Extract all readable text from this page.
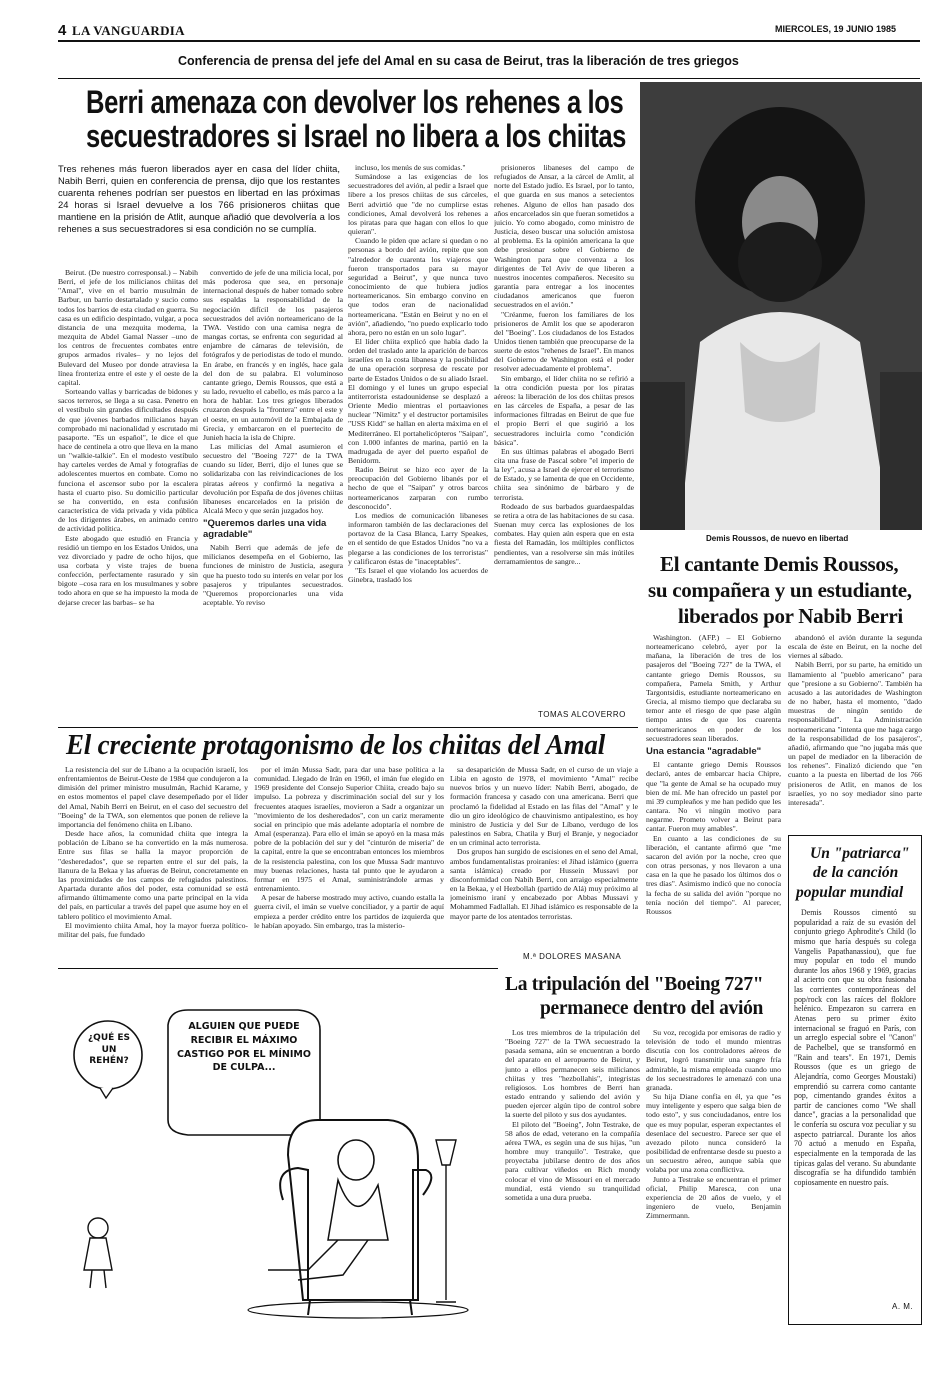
4 LA VANGUARDIA	MIERCOLES, 19 JUNIO 1985
Conferencia de prensa del jefe del Amal en su casa de Beirut, tras la liberación de tres griegos
Berri amenaza con devolver los rehenes a los
secuestradores si Israel no libera a los chiitas
Tres rehenes más fueron liberados ayer en casa del líder chiita, Nabih Berri, quien en conferencia de prensa, dijo que los restantes cuarenta rehenes podrían ser puestos en libertad en las próximas 24 horas si Israel devuelve a los 766 prisioneros chiitas que mantiene en la prisión de Atlit, aunque añadió que devolvería a los rehenes a sus secuestradores si esa condición no se cumplía.

Beirut. (De nuestro corresponsal.) – Nabih Berri, el jefe de los milicianos chiitas del "Amal", vive en el barrio musulmán de Barbur, un barrio destartalado y sucio como todos los barrios de esta ciudad en guerra. Su casa es un edificio despintado, vulgar, a poca distancia de una mezquita moderna, la mezquita de Abdel Gamal Nasser –uno de los centros de frecuentes combates entre grupos armados rivales– y no lejos del Bulevard del Museo por donde atraviesa la línea fronteriza entre el este y el oeste de la capital.

Sorteando vallas y barricadas de bidones y sacos terreros, se llega a su casa. Penetro en el vestíbulo sin grandes dificultades después de que jóvenes barbados milicianos hayan comprobado mi nacionalidad y escrutado mi pasaporte. "Es un español", le dice el que hace de centinela a otro que lleva en la mano un "walkie-talkie". En el modesto vestíbulo hay carteles verdes de Amal y fotografías de adolescentes muertos en combate. Como no funciona el ascensor subo por la escalera hasta el cuarto piso. Su domicilio particular se ha convertido, en esta confusión característica de vida privada y vida pública de los dirigentes árabes, en animado centro de actividad política.

Este abogado que estudió en Francia y residió un tiempo en los Estados Unidos, una vez divorciado y padre de ocho hijos, que usa corbata y viste trajes de buena confección, perfectamente rasurado y sin bigote –cosa rara en los musulmanes y sobre todo ahora en que se ha impuesto la moda de dejarse crecer las barbas– se ha

convertido de jefe de una milicia local, por más poderosa que sea, en personaje internacional después de haber tomado sobre sus espaldas la responsabilidad de la negociación difícil de los pasajeros secuestrados del avión norteamericano de la TWA. Vestido con una camisa negra de mangas cortas, se enfrenta con seguridad al enjambre de cámaras de televisión, de fotógrafos y de periodistas de todo el mundo. En árabe, en francés y en inglés, hace gala del don de su palabra. El voluminoso cantante griego, Demis Roussos, que está a su lado, revuelto el cabello, es más parco a la hora de hablar. Los tres griegos liberados cruzaron después la "frontera" entre el este y el oeste, en un automóvil de la Embajada de Grecia, y embarcaron en el puertecito de Junieh hacia la isla de Chipre.

Las milicias del Amal asumieron el secuestro del "Boeing 727" de la TWA cuando su líder, Berri, dijo el lunes que se solidarizaba con las reivindicaciones de los piratas aéreos y confirmó la negativa a devolución por España de dos jóvenes chiitas libaneses encarcelados en la prisión de Alcalá Meco y que serán juzgados hoy.

"Queremos darles una vida agradable"

Nabih Berri que además de jefe de milicianos desempeña en el Gobierno, las funciones de ministro de Justicia, asegura que ha puesto todo su interés en velar por los pasajeros y tripulantes secuestrados. "Queremos proporcionarles una vida aceptable. Yo reviso

incluso, los menús de sus comidas."

Sumándose a las exigencias de los secuestradores del avión, al pedir a Israel que libere a los presos chiitas de sus cárceles, Berri advirtió que "de no cumplirse estas condiciones, Amal devolverá los rehenes a los piratas para que hagan con ellos lo que quieran".

Cuando le piden que aclare si quedan o no personas a bordo del avión, repite que son "alrededor de cuarenta los viajeros que fueron transportados para su mayor seguridad a Beirut", y que nunca tuvo conocimiento de que hubiera judíos norteamericanos. Sin embargo convino en que todos eran de nacionalidad norteamericana. "Están en Beirut y no en el avión", añadiendo, "no puedo explicarlo todo ahora, pero no están en un solo lugar".

El líder chiita explicó que había dado la orden del traslado ante la aparición de barcos israelíes en la costa libanesa y la posibilidad de una operación sorpresa de rescate por parte de Estados Unidos o de su aliado Israel. El domingo y el lunes un grupo especial antiterrorista estadounidense se desplazó a Oriente Medio mientras el portaaviones nuclear "Nimitz" y el destructor portamisiles "USS Kidd" se hallan en alerta máxima en el Mediterráneo. El portahelicópteros "Saipan", con 1.000 infantes de marina, partió en la madrugada de ayer del puerto español de Benidorm.

Radio Beirut se hizo eco ayer de la preocupación del Gobierno libanés por el hecho de que el "Saipan" y otros barcos norteamericanos zarparan con rumbo desconocido".

Los medios de comunicación libaneses informaron también de las declaraciones del portavoz de la Casa Blanca, Larry Speakes, en el sentido de que Estados Unidos "no va a plegarse a las condiciones de los terroristas" y calificaron éstas de "inaceptables".

"Es Israel el que violando los acuerdos de Ginebra, trasladó los

prisioneros libaneses del campo de refugiados de Ansar, a la cárcel de Amlit, al norte del Estado judío. Es Israel, por lo tanto, el que guarda en sus manos a setecientos rehenes. Alguno de ellos han pasado dos años encarcelados sin que fueran sometidos a juicio. Yo como abogado, como ministro de Justicia, deseo buscar una solución amistosa al problema. Es la opinión americana la que debe presionar sobre el Gobierno de Washington para que convenza a los dirigentes de Tel Aviv de que liberen a nuestros inocentes compañeros. Necesito su garantía para entregar a los inocentes ciudadanos americanos que fueron secuestrados en el avión."

"Créanme, fueron los familiares de los prisioneros de Amlit los que se apoderaron del "Boeing". Los ciudadanos de los Estados Unidos tienen también que preocuparse de la suerte de estos "rehenes de Israel". En manos del Gobierno de Washington está el poder resolver adecuadamente el problema".

Sin embargo, el líder chiita no se refirió a la otra condición puesta por los piratas aéreos: la liberación de los dos chiitas presos en las cárceles de España, a pesar de las informaciones filtradas en Beirut de que fue el propio Berri el que sugirió a los secuestradores incluirla como "condición básica".

En sus últimas palabras el abogado Berri cita una frase de Pascal sobre "el imperio de la ley", acusa a Israel de ejercer el terrorismo de Estado, y se lamenta de que en Occidente, chiita sea sinónimo de bárbaro y de terrorista.

Rodeado de sus barbados guardaespaldas se retira a otra de las habitaciones de su casa. Suenan muy cerca las explosiones de los combates. Hay quien aún espera que en esta fiesta del Ramadán, los múltiples conflictos pendientes, van a resolverse sin más inútiles derramamientos de sangre...

TOMAS ALCOVERRO
Demis Roussos, de nuevo en libertad
El cantante Demis Roussos,
su compañera y un estudiante,
liberados por Nabib Berri

Washington. (AFP.) – El Gobierno norteamericano celebró, ayer por la mañana, la liberación de tres de los pasajeros del "Boeing 727" de la TWA, el cantante griego Demis Roussos, su compañera, Pamela Smith, y Arthur Targontsidis, estudiante norteamericano en Grecia, al mismo tiempo que declaraba su temor ante el riesgo de que pase algún tiempo antes de que los cuarenta norteamericanos en poder de los secuestradores sean liberados.

Una estancia "agradable"

El cantante griego Demis Roussos declaró, antes de embarcar hacia Chipre, que "la gente de Amal se ha ocupado muy bien de mí. Me han ofrecido un pastel por mi 39 cumpleaños y me han pedido que les cantara. No vi ningún motivo para negarme. Prometo volver a Beirut para cantar. Fueron muy amables".

En cuanto a las condiciones de su liberación, el cantante afirmó que "me sacaron del avión por la noche, creo que con otras personas, y nos llevaron a una casa en la que he pasado los últimos dos o tres días". Asimismo indicó que no conocía la fecha de su salida del avión "porque no tenía noción del tiempo". Al parecer, Roussos

abandonó el avión durante la segunda escala de éste en Beirut, en la noche del viernes al sábado.

Nabih Berri, por su parte, ha emitido un llamamiento al "pueblo americano" para que "presione a su Gobierno". También ha acusado a las autoridades de Washington de no haber, hasta el momento, "dado muestras de ningún sentido de responsabilidad". La Administración norteamericana "intenta que me haga cargo de la responsabilidad de los pasajeros", añadió, afirmando que "no jugaba más que un papel de mediador en la liberación de los rehenes". Finalizó diciendo que "en cuanto a la puesta en libertad de los 766 prisioneros de Atlit, en manos de los israelíes, yo no soy mediador sino parte interesada".

El creciente protagonismo de los chiitas del Amal

La resistencia del sur de Líbano a la ocupación israelí, los enfrentamientos de Beirut-Oeste de 1984 que condujeron a la dimisión del primer ministro musulmán, Rachid Karame, y en estos momentos el papel clave desempeñado por el líder del Amal, Nabih Berri en Beirut, en el caso del secuestro del "Boeing" de la TWA, son elementos que ponen de relieve la importancia del fenómeno chiita en Líbano.

Desde hace años, la comunidad chiita que integra la población de Líbano se ha convertido en la más numerosa. Entre sus filas se halla la mayor proporción de "desheredados", que se reparten entre el sur del país, la llanura de la Bekaa y las afueras de Beirut, concretamente en las proximidades de los campos de refugiados palestinos. Apartada durante años del poder, esta comunidad se está afirmando últimamente como una parte principal en la vida del país, en particular a través del papel que asume hoy en el tablero político el movimiento Amal.

El movimiento chiita Amal, hoy la mayor fuerza político-militar del país, fue fundado

por el imán Mussa Sadr, para dar una base política a la comunidad. Llegado de Irán en 1960, el imán fue elegido en 1969 presidente del Consejo Superior Chiita, creado bajo su impulso. La pobreza y discriminación social del sur y los frecuentes ataques israelíes, movieron a Sadr a organizar un "movimiento de los desheredados", con un cariz meramente social en principio que más adelante adoptaría el nombre de Amal (esperanza). Para ello el imán se apoyó en la masa más pobre de la población del sur y del "cinturón de miseria" de la capital, entre la que se encontraban entonces los miembros de la resistencia palestina, con los que Mussa Sadr mantuvo muy buenas relaciones, hasta tal punto que le ayudaron a formar en 1975 el Amal, suministrándole armas y entrenamiento.

A pesar de haberse mostrado muy activo, cuando estalla la guerra civil, el imán se vuelve conciliador, y a partir de aquí empieza a perder crédito entre los partidos de izquierda que le habían apoyado. Sin embargo, tras la misterio-

sa desaparición de Mussa Sadr, en el curso de un viaje a Libia en agosto de 1978, el movimiento "Amal" recibe nuevos bríos y un nuevo líder: Nabih Berri, abogado, de formación francesa y casado con una americana. Berri que proclamó la fidelidad al Estado en las filas del "Amal" y le dio un giro ideológico de chauvinismo antipalestino, es hoy ministro de Justicia y del Sur de Líbano, verdugo de los palestinos en Sabra, Chatila y Burj el Branje, y negociador en un criminal acto terrorista.

Dos grupos han surgido de escisiones en el seno del Amal, ambos fundamentalistas proiraníes: el Jihad islámico (guerra santa islámica) creado por Hussein Mussavi por disconformidad con Nabih Berri, con arraigo especialmente en la Bekaa, y el Hezbollah (partido de Alá) muy próximo al jomeinismo iraní y encabezado por Abbas Mussavi y Mohammed Fadlallah. El Jihad islámico es responsable de la mayor parte de los atentados terroristas.

M.ª DOLORES MASANA
Un "patriarca"
de la canción
popular mundial

Demis Roussos cimentó su popularidad a raíz de su evasión del conjunto griego Aphrodite's Child (lo mismo que haría después su colega Vangelis Papathanassiou), que fue muy popular en todo el mundo durante los años 1968 y 1969, gracias al acierto con que su obra fusionaba las corrientes contemporáneas del pop/rock con las raíces del floklore helénico. Empezaron su carrera en Atenas pero su primer éxito internacional se fraguó en París, con un arreglo especial sobre el "Canon" de Pachelbel, que se transformó en "Rain and tears". En 1971, Demis Roussos (que es un griego de Alejandría, como Georges Moustaki) emprendió su carrera como cantante pop, cimentando grandes éxitos a partir de canciones como "We shall dance", gracias a la personalidad que le confería su oscura voz peculiar y su aspecto patriarcal. Durante los años 70 actuó a menudo en España, especialmente en la temporada de las típicas galas del verano. Su abundante discografía se ha difundido también copiosamente en nuestro país.

A. M.
¿QUÉ ES UN REHÉN?
ALGUIEN QUE PUEDE RECIBIR EL MÁXIMO CASTIGO POR EL MÍNIMO DE CULPA...
La tripulación del "Boeing 727"
permanece dentro del avión

Los tres miembros de la tripulación del "Boeing 727" de la TWA secuestrado la pasada semana, aún se encuentran a bordo del aparato en el aeropuerto de Beirut, y junto a ellos permanecen seis milicianos chiitas y tres "hezbollahis", integristas religiosos. Los hombres de Berri han estado entrando y saliendo del avión y pueden ejercer algún tipo de control sobre la suerte del piloto y sus dos ayudantes.

El piloto del "Boeing", John Testrake, de 58 años de edad, veterano en la compañía aérea TWA, es según una de sus hijas, "un hombre muy tranquilo". Testrake, que proyectaba jubilarse dentro de dos años para cultivar viñedos en Rich mondy colocar el vino de Missouri en el mercado mundial, está viendo su tranquilidad sometida a una dura prueba.

Su voz, recogida por emisoras de radio y televisión de todo el mundo mientras discutía con los controladores aéreos de Beirut, logró transmitir una sangre fría admirable, la misma empleada cuando uno de los secuestradores le amenazó con una granada.

Su hija Diane confía en él, ya que "es muy inteligente y espero que salga bien de todo esto", y sus conciudadanos, entre los que es muy popular, esperan expectantes el desenlace del secuestro. Parece ser que el avezado piloto nunca consideró la posibilidad de enfrentarse desde su puesto a un secuestro aéreo, aunque sabía que volaba por una zona conflictiva.

Junto a Testrake se encuentran el primer oficial, Philip Maresca, con una experiencia de 20 años de vuelo, y el ingeniero de vuelo, Benjamin Zimmermann.
